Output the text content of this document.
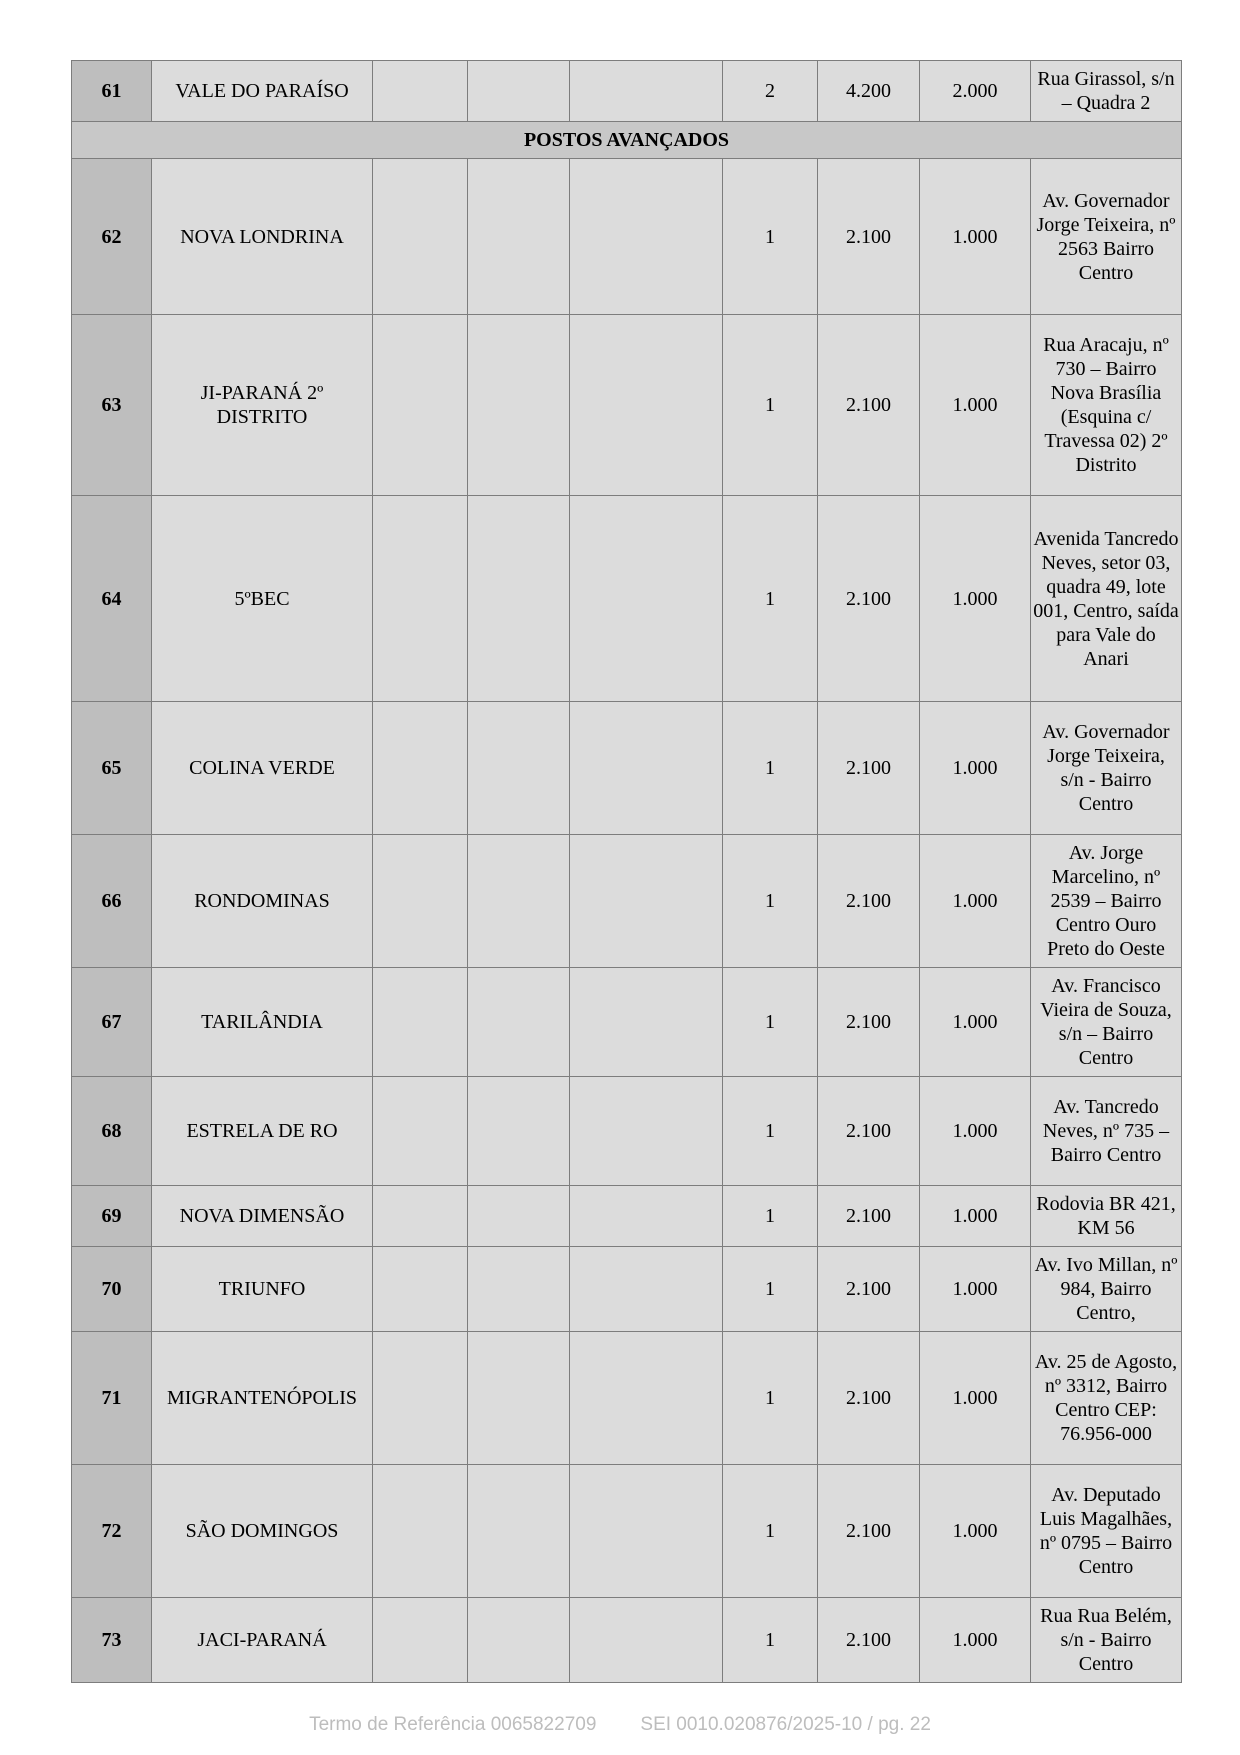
61	VALE DO PARAÍSO				2	4.200	2.000	Rua Girassol, s/n – Quadra 2
POSTOS AVANÇADOS								
62	NOVA LONDRINA				1	2.100	1.000	Av. Governador Jorge Teixeira, nº 2563 Bairro Centro
63	JI-PARANÁ 2º DISTRITO				1	2.100	1.000	Rua Aracaju, nº 730 – Bairro Nova Brasília (Esquina c/ Travessa 02) 2º Distrito
64	5ºBEC				1	2.100	1.000	Avenida Tancredo Neves, setor 03, quadra 49, lote 001, Centro, saída para Vale do Anari
65	COLINA VERDE				1	2.100	1.000	Av. Governador Jorge Teixeira, s/n - Bairro Centro
66	RONDOMINAS				1	2.100	1.000	Av. Jorge Marcelino, nº 2539 – Bairro Centro Ouro Preto do Oeste
67	TARILÂNDIA				1	2.100	1.000	Av. Francisco Vieira de Souza, s/n – Bairro Centro
68	ESTRELA DE RO				1	2.100	1.000	Av. Tancredo Neves, nº 735 – Bairro Centro
69	NOVA DIMENSÃO				1	2.100	1.000	Rodovia BR 421, KM 56
70	TRIUNFO				1	2.100	1.000	Av. Ivo Millan, nº 984, Bairro Centro,
71	MIGRANTENÓPOLIS				1	2.100	1.000	Av. 25 de Agosto, nº 3312, Bairro Centro CEP: 76.956-000
72	SÃO DOMINGOS				1	2.100	1.000	Av. Deputado Luis Magalhães, nº 0795 – Bairro Centro
73	JACI-PARANÁ				1	2.100	1.000	Rua Rua Belém, s/n - Bairro Centro
Termo de Referência 0065822709 SEI 0010.020876/2025-10 / pg. 22
